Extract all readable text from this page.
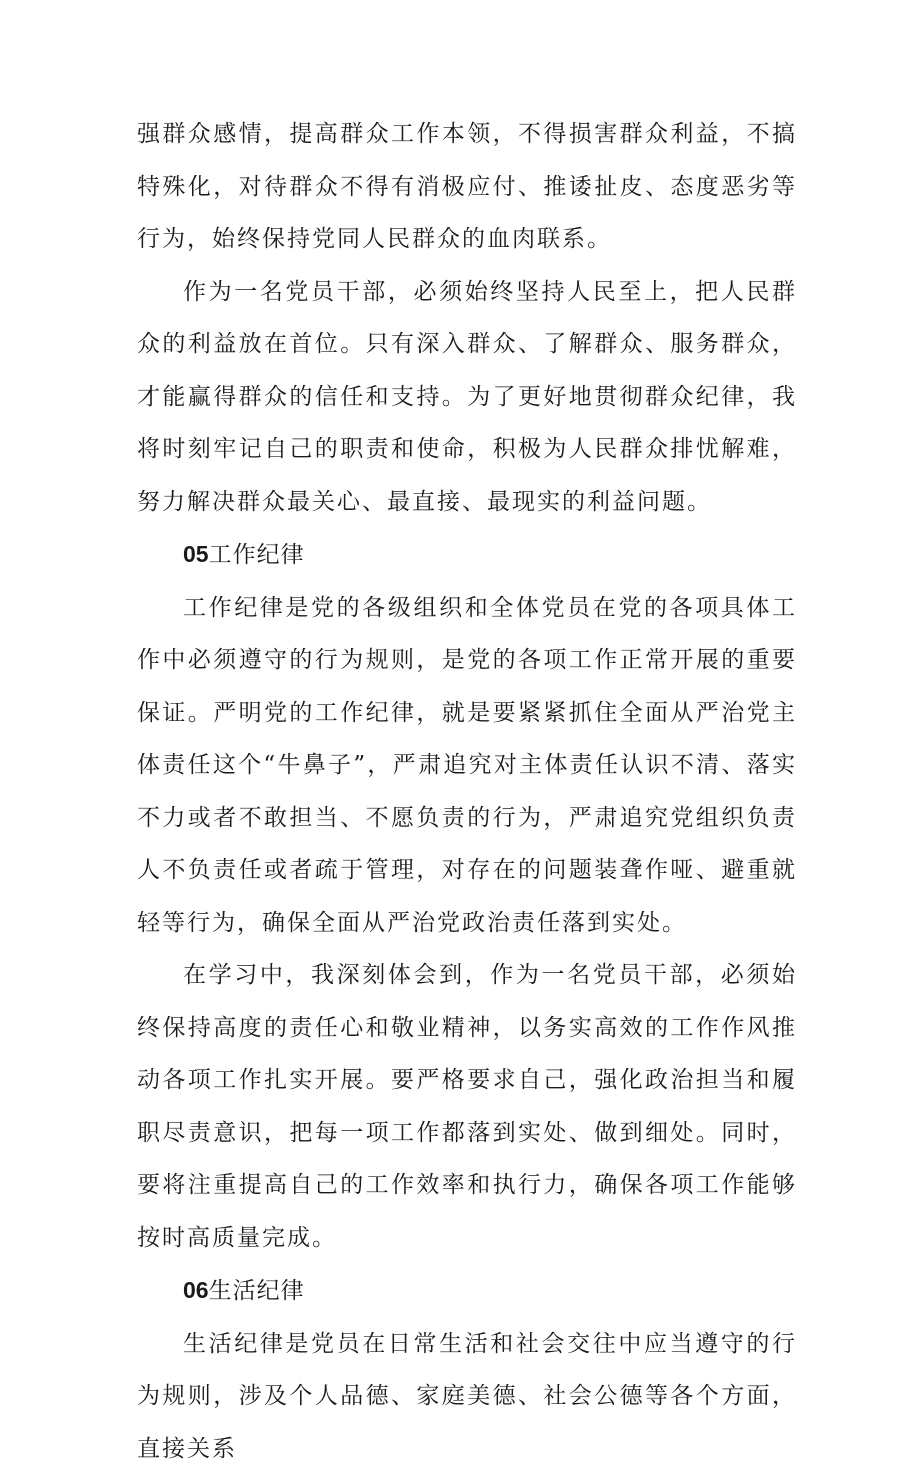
强群众感情，提高群众工作本领，不得损害群众利益，不搞特殊化，对待群众不得有消极应付、推诿扯皮、态度恶劣等行为，始终保持党同人民群众的血肉联系。

作为一名党员干部，必须始终坚持人民至上，把人民群众的利益放在首位。只有深入群众、了解群众、服务群众，才能赢得群众的信任和支持。为了更好地贯彻群众纪律，我将时刻牢记自己的职责和使命，积极为人民群众排忧解难，努力解决群众最关心、最直接、最现实的利益问题。

05工作纪律

工作纪律是党的各级组织和全体党员在党的各项具体工作中必须遵守的行为规则，是党的各项工作正常开展的重要保证。严明党的工作纪律，就是要紧紧抓住全面从严治党主体责任这个“牛鼻子”，严肃追究对主体责任认识不清、落实不力或者不敢担当、不愿负责的行为，严肃追究党组织负责人不负责任或者疏于管理，对存在的问题装聋作哑、避重就轻等行为，确保全面从严治党政治责任落到实处。

在学习中，我深刻体会到，作为一名党员干部，必须始终保持高度的责任心和敬业精神，以务实高效的工作作风推动各项工作扎实开展。要严格要求自己，强化政治担当和履职尽责意识，把每一项工作都落到实处、做到细处。同时，要将注重提高自己的工作效率和执行力，确保各项工作能够按时高质量完成。

06生活纪律

生活纪律是党员在日常生活和社会交往中应当遵守的行为规则，涉及个人品德、家庭美德、社会公德等各个方面，直接关系
